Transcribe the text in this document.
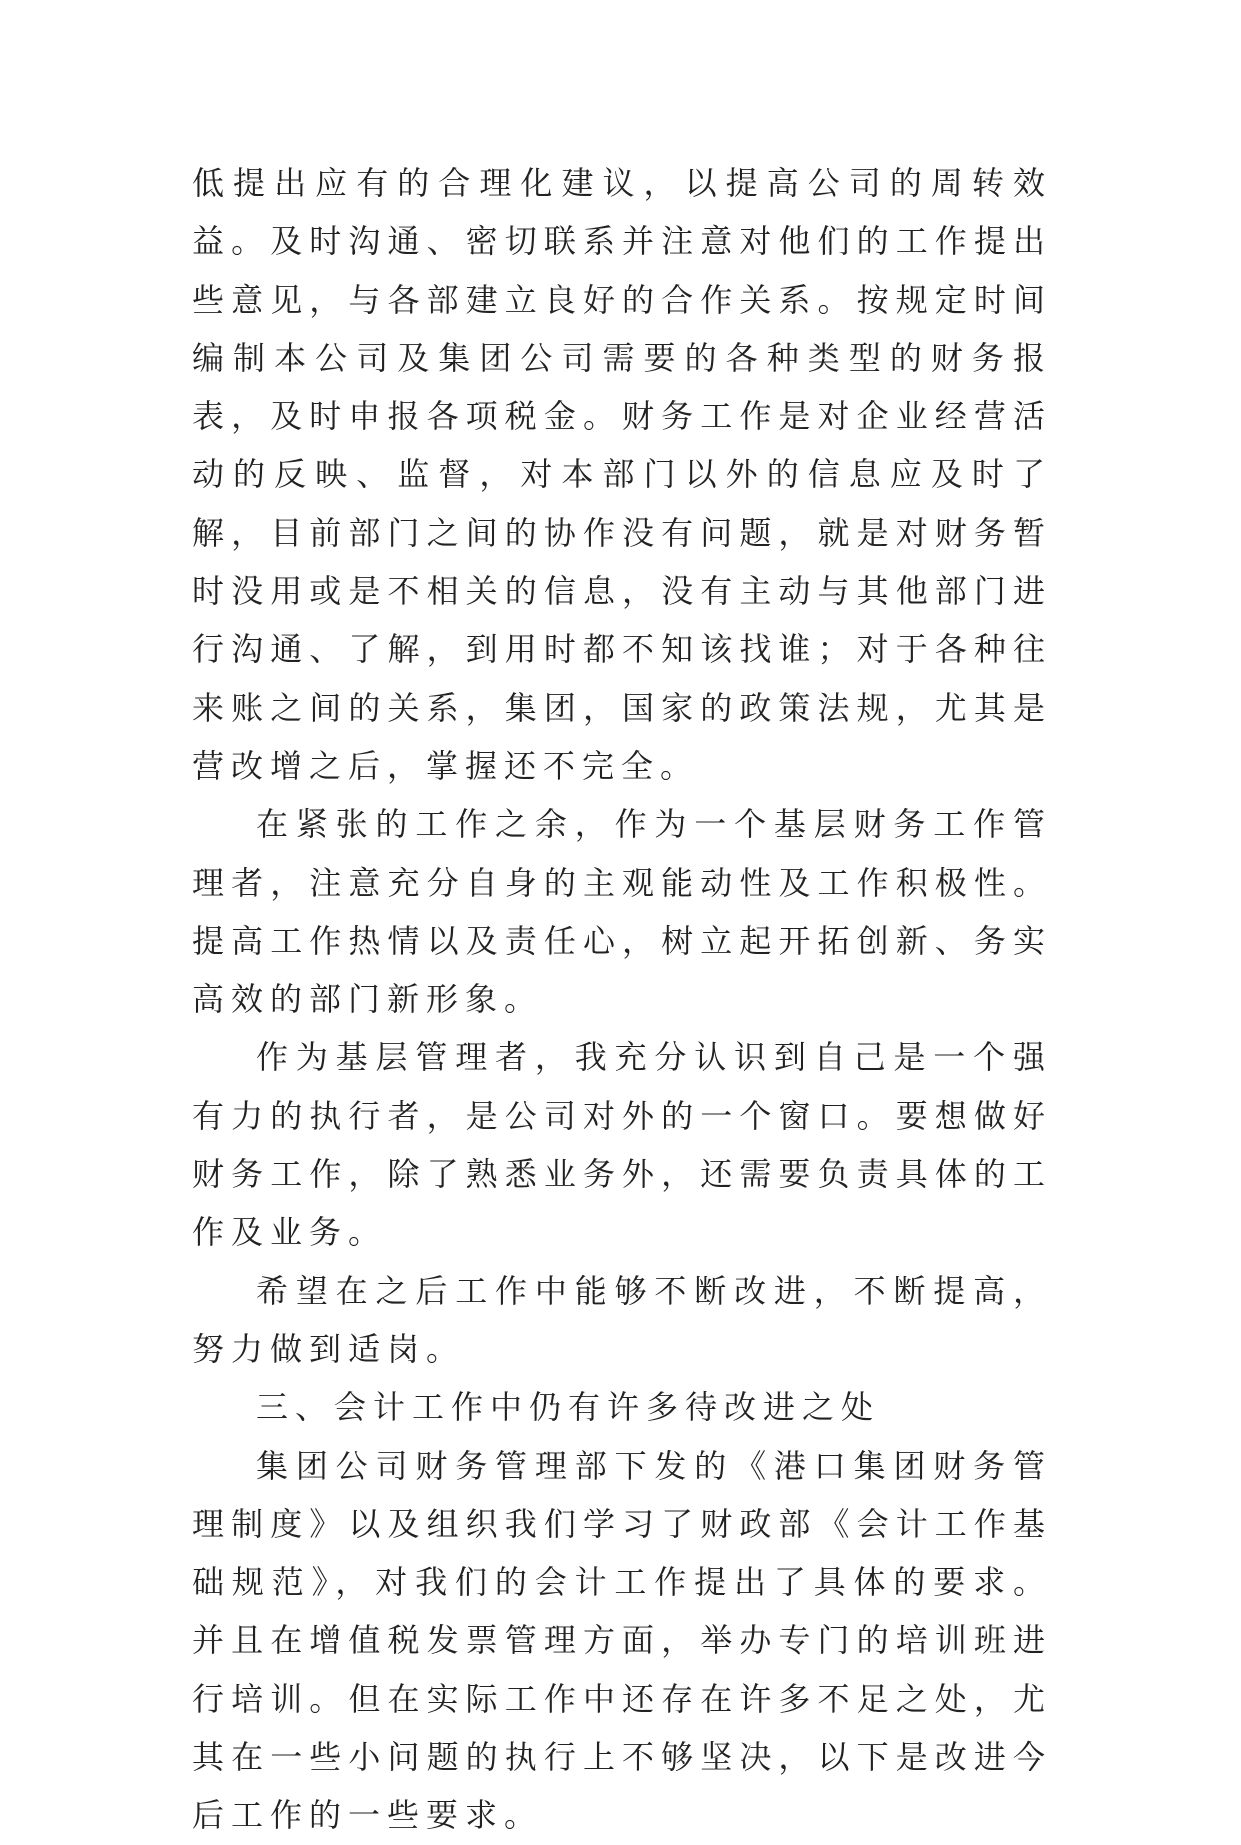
低提出应有的合理化建议，以提高公司的周转效益。及时沟通、密切联系并注意对他们的工作提出些意见，与各部建立良好的合作关系。按规定时间编制本公司及集团公司需要的各种类型的财务报表，及时申报各项税金。财务工作是对企业经营活动的反映、监督，对本部门以外的信息应及时了解，目前部门之间的协作没有问题，就是对财务暂时没用或是不相关的信息，没有主动与其他部门进行沟通、了解，到用时都不知该找谁；对于各种往来账之间的关系，集团，国家的政策法规，尤其是营改增之后，掌握还不完全。

在紧张的工作之余，作为一个基层财务工作管理者，注意充分自身的主观能动性及工作积极性。提高工作热情以及责任心，树立起开拓创新、务实高效的部门新形象。

作为基层管理者，我充分认识到自己是一个强有力的执行者，是公司对外的一个窗口。要想做好财务工作，除了熟悉业务外，还需要负责具体的工作及业务。

希望在之后工作中能够不断改进，不断提高，努力做到适岗。

三、会计工作中仍有许多待改进之处

集团公司财务管理部下发的《港口集团财务管理制度》以及组织我们学习了财政部《会计工作基础规范》，对我们的会计工作提出了具体的要求。并且在增值税发票管理方面，举办专门的培训班进行培训。但在实际工作中还存在许多不足之处，尤其在一些小问题的执行上不够坚决，以下是改进今后工作的一些要求。
